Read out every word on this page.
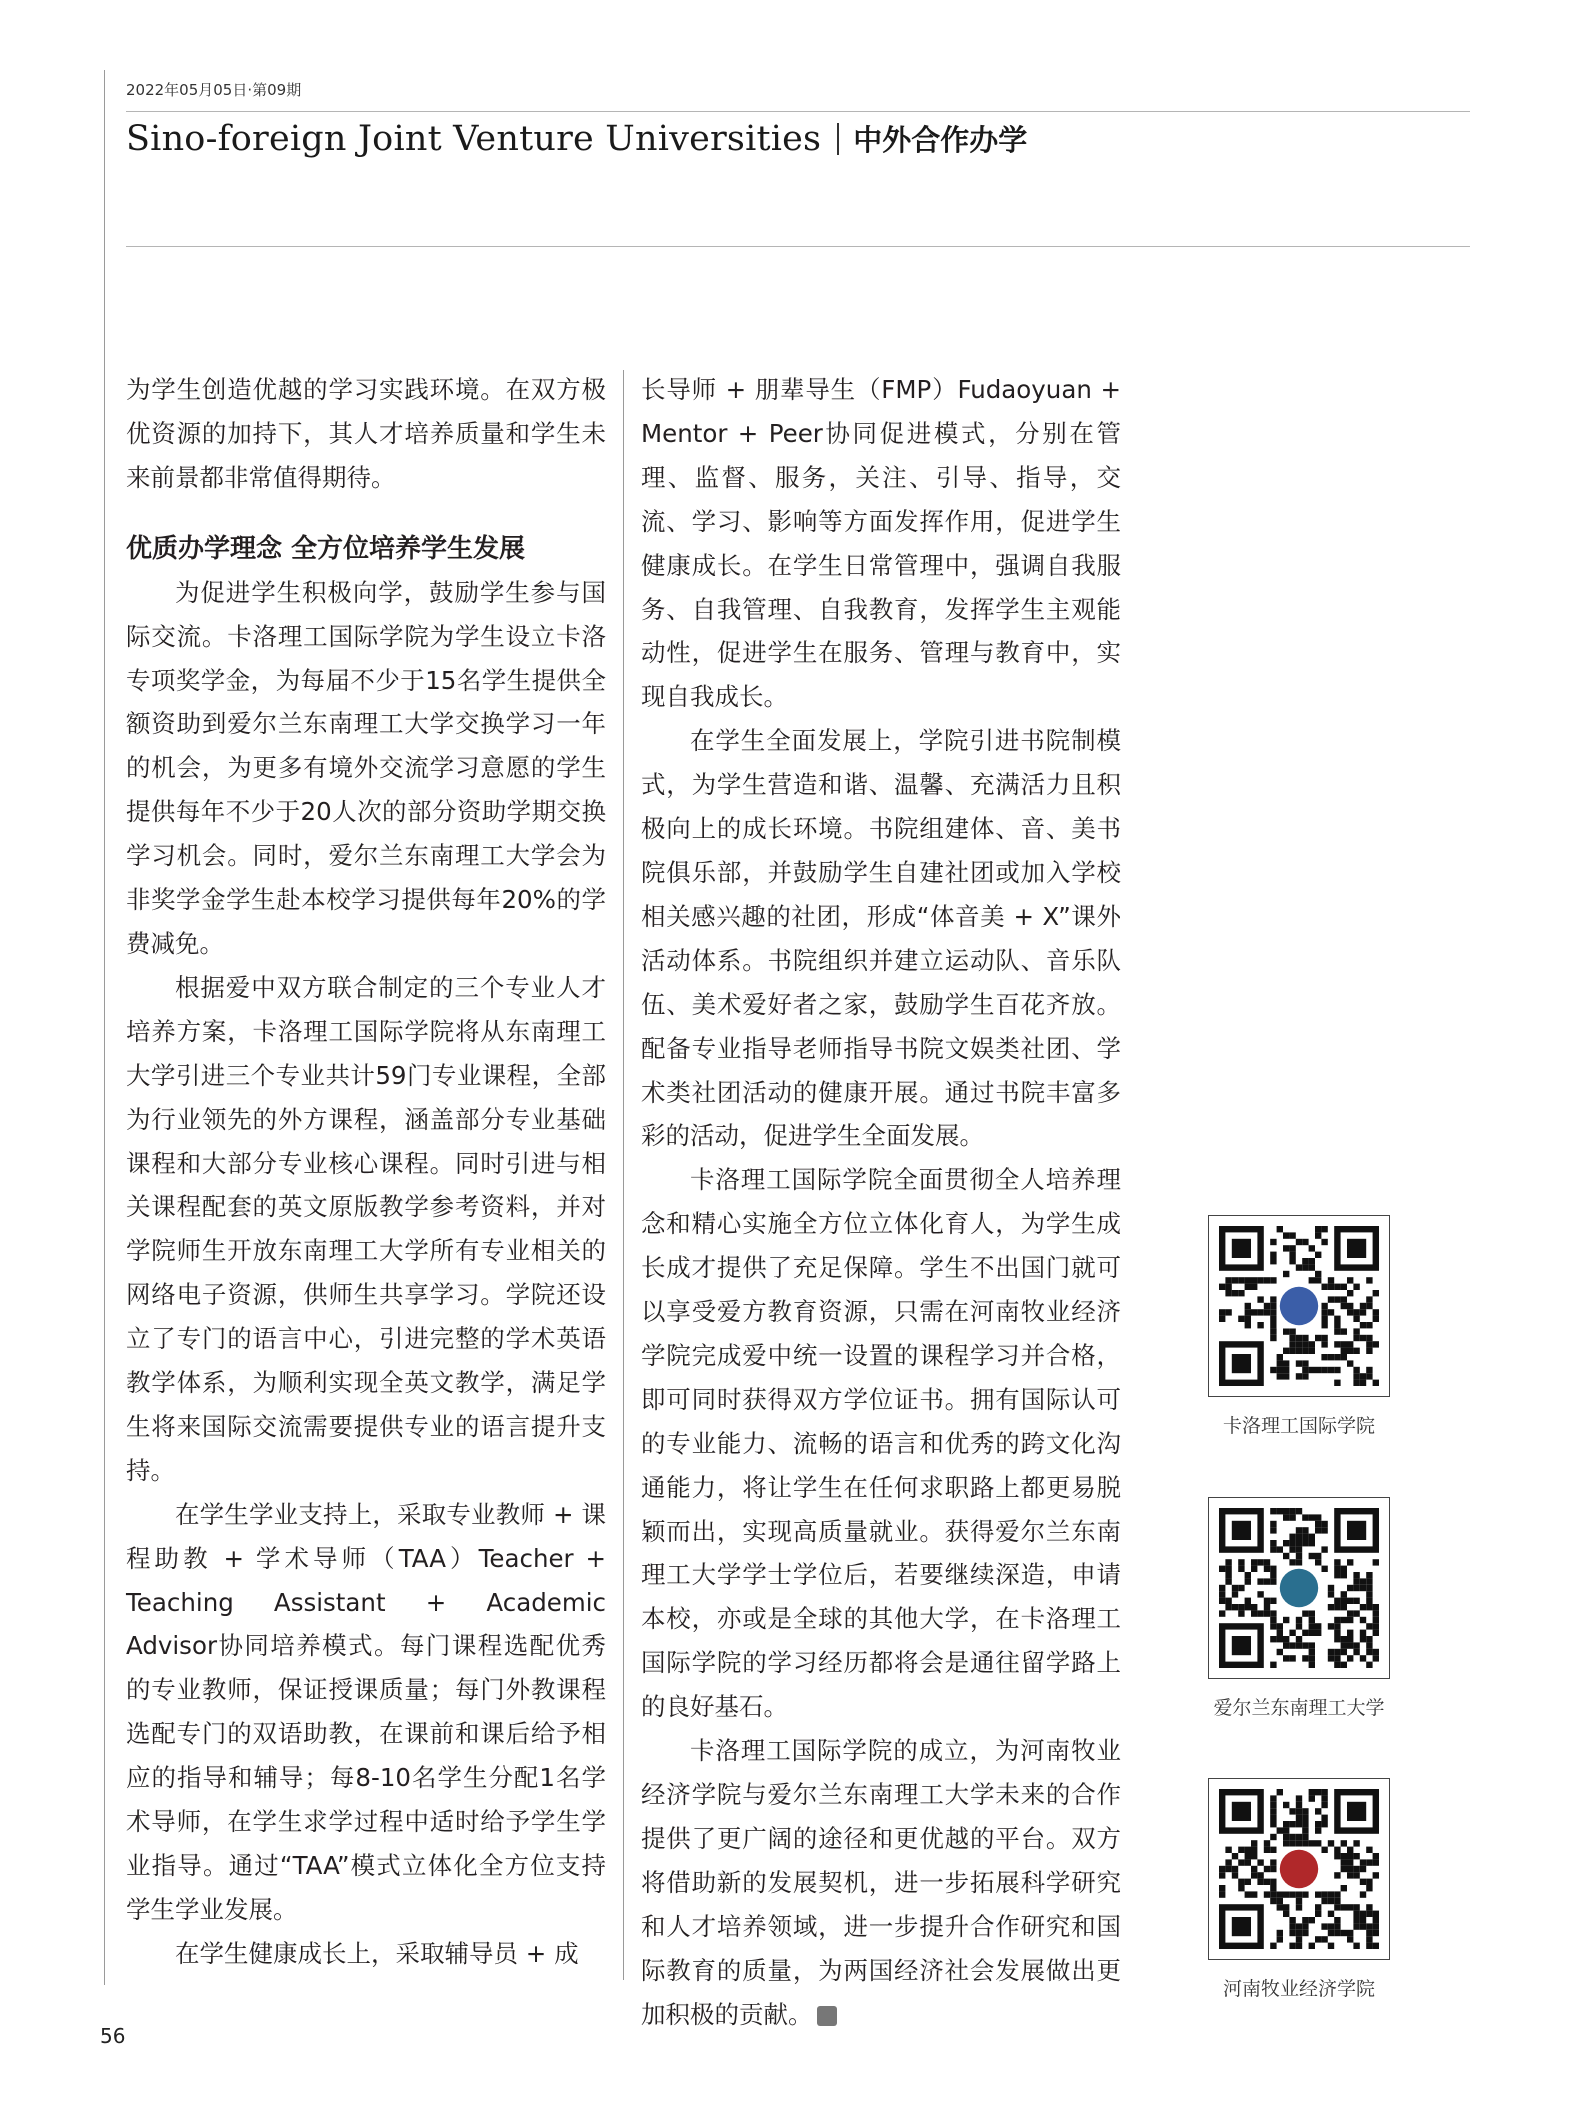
2022年05月05日·第09期
Sino-foreign Joint Venture Universities 中外合作办学

为学生创造优越的学习实践环境。在双方极优资源的加持下，其人才培养质量和学生未来前景都非常值得期待。

优质办学理念 全方位培养学生发展

为促进学生积极向学，鼓励学生参与国际交流。卡洛理工国际学院为学生设立卡洛专项奖学金，为每届不少于15名学生提供全额资助到爱尔兰东南理工大学交换学习一年的机会，为更多有境外交流学习意愿的学生提供每年不少于20人次的部分资助学期交换学习机会。同时，爱尔兰东南理工大学会为非奖学金学生赴本校学习提供每年20%的学费减免。

根据爱中双方联合制定的三个专业人才培养方案，卡洛理工国际学院将从东南理工大学引进三个专业共计59门专业课程，全部为行业领先的外方课程，涵盖部分专业基础课程和大部分专业核心课程。同时引进与相关课程配套的英文原版教学参考资料，并对学院师生开放东南理工大学所有专业相关的网络电子资源，供师生共享学习。学院还设立了专门的语言中心，引进完整的学术英语教学体系，为顺利实现全英文教学，满足学生将来国际交流需要提供专业的语言提升支持。

在学生学业支持上，采取专业教师 + 课程助教 + 学术导师（TAA）Teacher + Teaching Assistant + Academic Advisor协同培养模式。每门课程选配优秀的专业教师，保证授课质量；每门外教课程选配专门的双语助教，在课前和课后给予相应的指导和辅导；每8-10名学生分配1名学术导师，在学生求学过程中适时给予学生学业指导。通过“TAA”模式立体化全方位支持学生学业发展。

在学生健康成长上，采取辅导员 + 成

长导师 + 朋辈导生（FMP）Fudaoyuan + Mentor + Peer协同促进模式，分别在管理、监督、服务，关注、引导、指导，交流、学习、影响等方面发挥作用，促进学生健康成长。在学生日常管理中，强调自我服务、自我管理、自我教育，发挥学生主观能动性，促进学生在服务、管理与教育中，实现自我成长。

在学生全面发展上，学院引进书院制模式，为学生营造和谐、温馨、充满活力且积极向上的成长环境。书院组建体、音、美书院俱乐部，并鼓励学生自建社团或加入学校相关感兴趣的社团，形成“体音美 + X”课外活动体系。书院组织并建立运动队、音乐队伍、美术爱好者之家，鼓励学生百花齐放。配备专业指导老师指导书院文娱类社团、学术类社团活动的健康开展。通过书院丰富多彩的活动，促进学生全面发展。

卡洛理工国际学院全面贯彻全人培养理念和精心实施全方位立体化育人，为学生成长成才提供了充足保障。学生不出国门就可以享受爱方教育资源，只需在河南牧业经济学院完成爱中统一设置的课程学习并合格，即可同时获得双方学位证书。拥有国际认可的专业能力、流畅的语言和优秀的跨文化沟通能力，将让学生在任何求职路上都更易脱颖而出，实现高质量就业。获得爱尔兰东南理工大学学士学位后，若要继续深造，申请本校，亦或是全球的其他大学，在卡洛理工国际学院的学习经历都将会是通往留学路上的良好基石。

卡洛理工国际学院的成立，为河南牧业经济学院与爱尔兰东南理工大学未来的合作提供了更广阔的途径和更优越的平台。双方将借助新的发展契机，进一步拓展科学研究和人才培养领域，进一步提升合作研究和国际教育的质量，为两国经济社会发展做出更加积极的贡献。∞

卡洛理工国际学院
爱尔兰东南理工大学
河南牧业经济学院
56
